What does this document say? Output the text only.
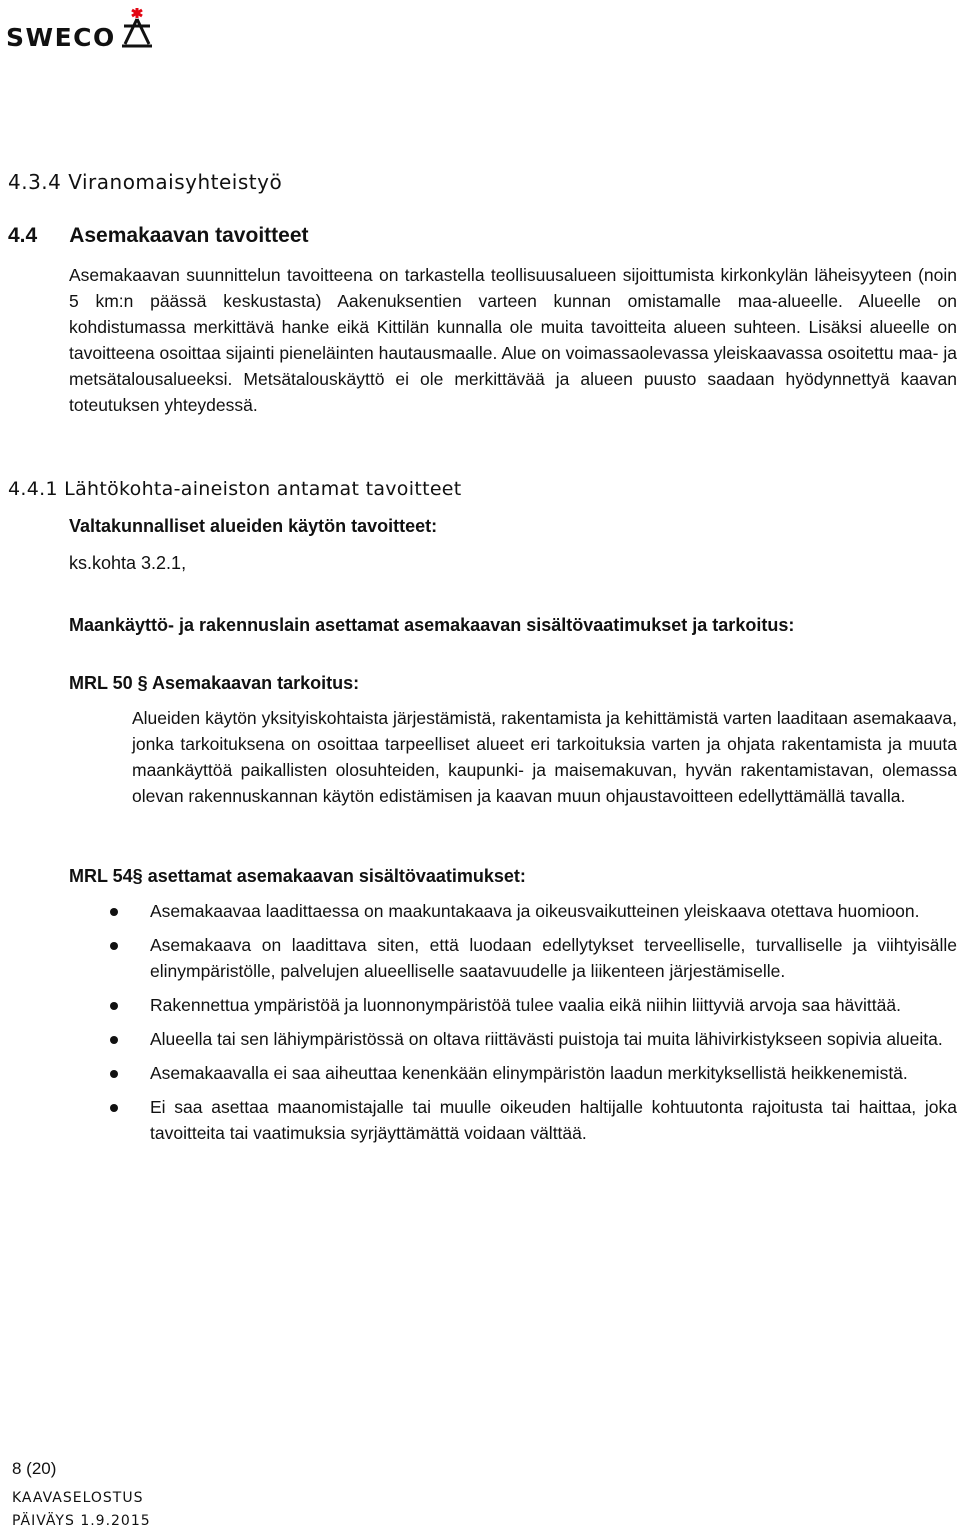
SWECO
4.3.4 Viranomaisyhteistyö
4.4 Asemakaavan tavoitteet

Asemakaavan suunnittelun tavoitteena on tarkastella teollisuusalueen sijoittumista kirkonkylän läheisyyteen (noin 5 km:n päässä keskustasta) Aakenuksentien varteen kunnan omistamalle maa-alueelle. Alueelle on kohdistumassa merkittävä hanke eikä Kittilän kunnalla ole muita tavoitteita alueen suhteen. Lisäksi alueelle on tavoitteena osoittaa sijainti pieneläinten hautausmaalle. Alue on voimassaolevassa yleiskaavassa osoitettu maa- ja metsätalousalueeksi. Metsätalouskäyttö ei ole merkittävää ja alueen puusto saadaan hyödynnettyä kaavan toteutuksen yhteydessä.

4.4.1 Lähtökohta-aineiston antamat tavoitteet

Valtakunnalliset alueiden käytön tavoitteet:

ks.kohta 3.2.1,

Maankäyttö- ja rakennuslain asettamat asemakaavan sisältövaatimukset ja tarkoitus:

MRL 50 § Asemakaavan tarkoitus:

Alueiden käytön yksityiskohtaista järjestämistä, rakentamista ja kehittämistä varten laaditaan asemakaava, jonka tarkoituksena on osoittaa tarpeelliset alueet eri tarkoituksia varten ja ohjata rakentamista ja muuta maankäyttöä paikallisten olosuhteiden, kaupunki- ja maisemakuvan, hyvän rakentamistavan, olemassa olevan rakennuskannan käytön edistämisen ja kaavan muun ohjaustavoitteen edellyttämällä tavalla.

MRL 54§ asettamat asemakaavan sisältövaatimukset:

Asemakaavaa laadittaessa on maakuntakaava ja oikeusvaikutteinen yleiskaava otettava huomioon.
Asemakaava on laadittava siten, että luodaan edellytykset terveelliselle, turvalliselle ja viihtyisälle elinympäristölle, palvelujen alueelliselle saatavuudelle ja liikenteen järjestämiselle.
Rakennettua ympäristöä ja luonnonympäristöä tulee vaalia eikä niihin liittyviä arvoja saa hävittää.
Alueella tai sen lähiympäristössä on oltava riittävästi puistoja tai muita lähivirkistykseen sopivia alueita.
Asemakaavalla ei saa aiheuttaa kenenkään elinympäristön laadun merkityksellistä heikkenemistä.
Ei saa asettaa maanomistajalle tai muulle oikeuden haltijalle kohtuutonta rajoitusta tai haittaa, joka tavoitteita tai vaatimuksia syrjäyttämättä voidaan välttää.
8 (20)
KAAVASELOSTUS
PÄIVÄYS 1.9.2015
